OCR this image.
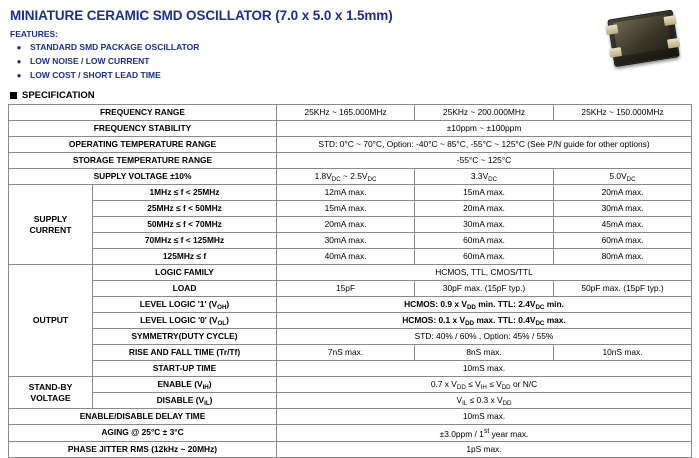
MINIATURE CERAMIC SMD OSCILLATOR (7.0 x 5.0 x 1.5mm)
FEATURES:
●	STANDARD SMD PACKAGE OSCILLATOR
●	LOW NOISE / LOW CURRENT
●	LOW COST / SHORT LEAD TIME
SPECIFICATION
FREQUENCY RANGE		25KHz ~ 165.000MHz	25KHz ~ 200.000MHz	25KHz ~ 150.000MHz
FREQUENCY STABILITY		±10ppm ~ ±100ppm		
OPERATING TEMPERATURE RANGE		STD: 0°C ~ 70°C, Option: -40°C ~ 85°C, -55°C ~ 125°C (See P/N guide for other options)		
STORAGE TEMPERATURE RANGE		-55°C ~ 125°C		
SUPPLY VOLTAGE ±10%		$1.8V_{DC}$ ~ $2.5V_{DC}$	$3.3V_{DC}$	$5.0V_{DC}$

SUPPLY
CURRENT	1MHz ≤ f < 25MHz	12mA max.	15mA max.	20mA max.
	25MHz ≤ f < 50MHz	15mA max.	20mA max.	30mA max.
	50MHz ≤ f < 70MHz	20mA max.	30mA max.	45mA max.
	70MHz ≤ f < 125MHz	30mA max.	60mA max.	60mA max.
	125MHz ≤ f	40mA max.	60mA max.	80mA max.
OUTPUT	LOGIC FAMILY	HCMOS, TTL, CMOS/TTL		
	LOAD	15pF	30pF max. (15pF typ.)	50pF max. (15pF typ.)
	LEVEL LOGIC '1' $(V_{OH})$	HCMOS: 0.9 x $V_{DD}$ min. TTL: $2.4V_{DC}$ min.		
	LEVEL LOGIC '0' $(V_{OL})$	HCMOS: 0.1 x $V_{DD}$ max. TTL: $0.4V_{DC}$ max.		
	SYMMETRY(DUTY CYCLE)	STD: 40% / 60% , Option: 45% / 55%		
	RISE AND FALL TIME (Tr/Tf)	7nS max.	8nS max.	10nS max.
	START-UP TIME	10mS max.		

STAND-BY
VOLTAGE	ENABLE $(V_{IH})$	0.7 x $V_{DD} \le V_{IH} \le V_{DD}$ or N/C		
	DISABLE $(V_{IL})$	$V_{IL} \le 0.3$ x $V_{DD}$
ENABLE/DISABLE DELAY TIME		10mS max.		
AGING @ 25°C ± 3°C		±3.0ppm / 1st year max.		
PHASE JITTER RMS (12kHz ~ 20MHz)		1pS max.		
